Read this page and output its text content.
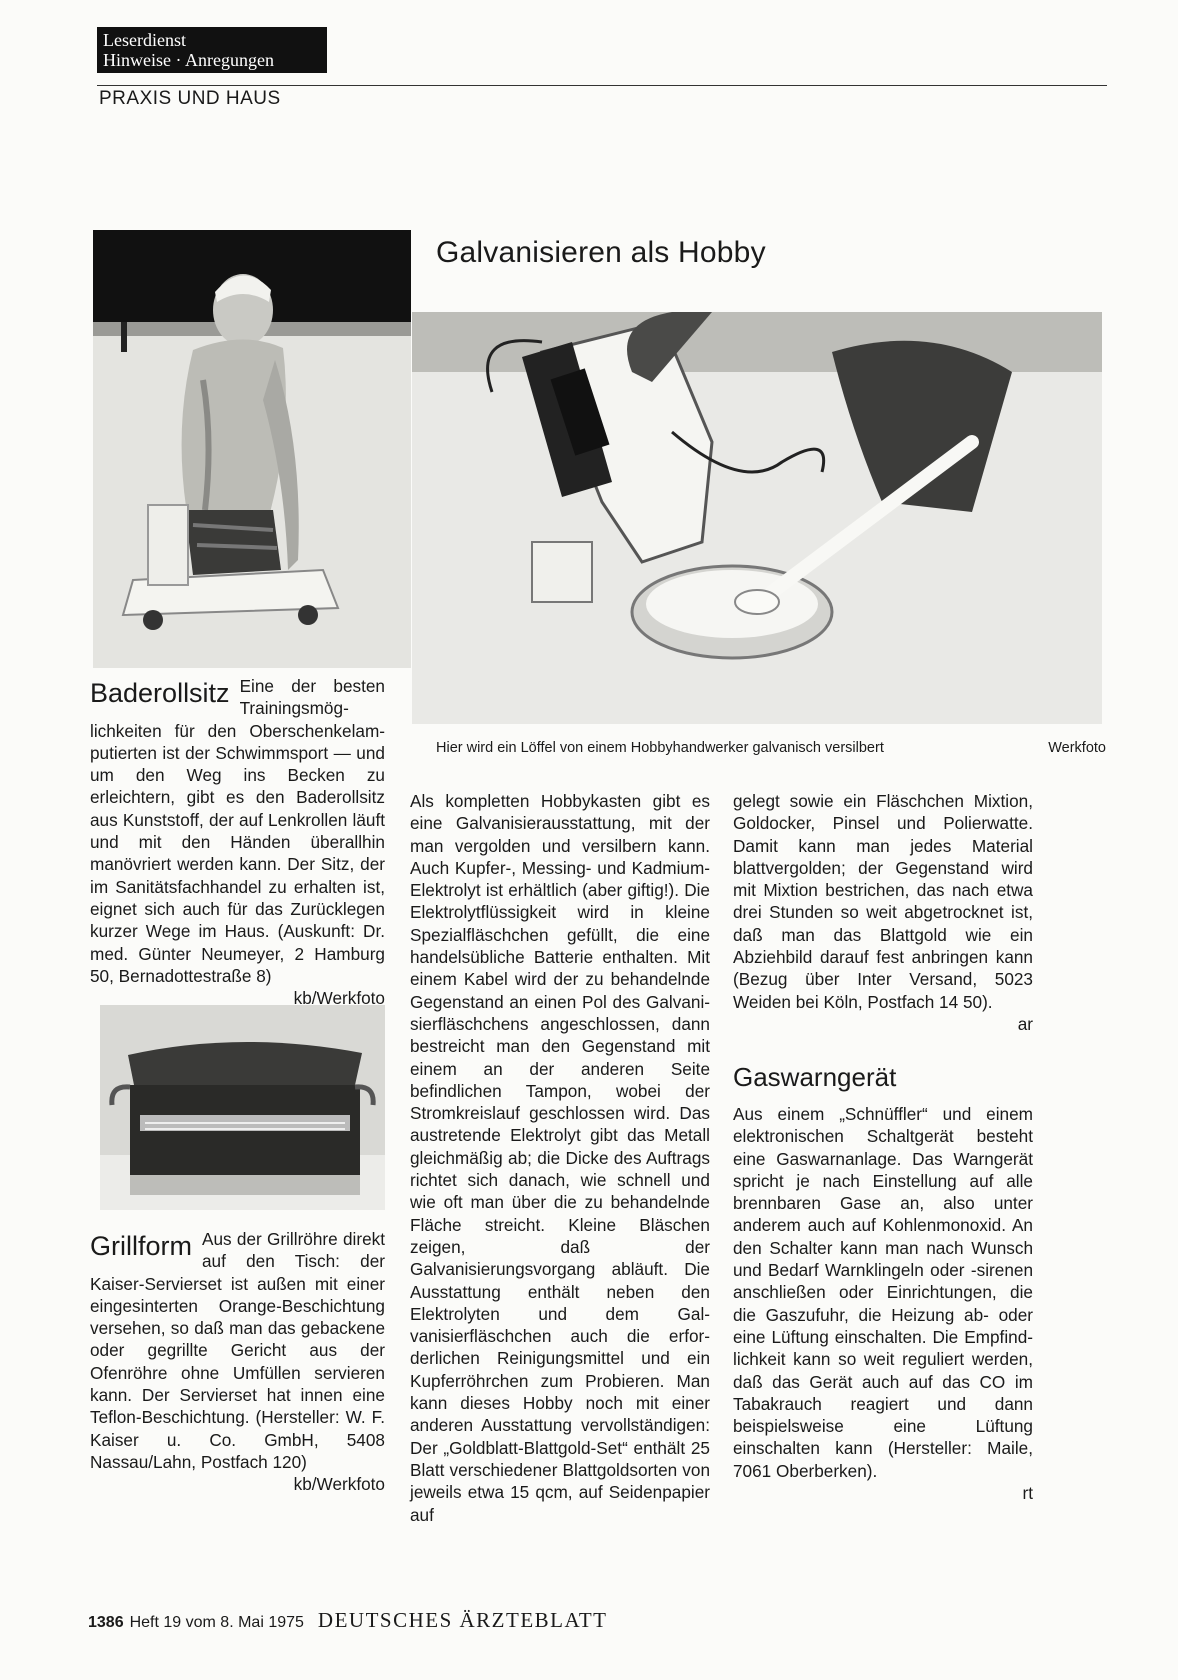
Leserdienst
Hinweise · Anregungen
PRAXIS UND HAUS
Galvanisieren als Hobby
Hier wird ein Löffel von einem Hobbyhandwerker galvanisch versilbert	Werkfoto

Baderollsitz Eine der besten Trainingsmöglichkeiten für den Oberschenkelamputierten ist der Schwimmsport — und um den Weg ins Becken zu erleichtern, gibt es den Baderollsitz aus Kunststoff, der auf Lenkrollen läuft und mit den Händen überallhin manövriert werden kann. Der Sitz, der im Sanitätsfachhandel zu erhalten ist, eignet sich auch für das Zurücklegen kurzer Wege im Haus. (Auskunft: Dr. med. Günter Neumeyer, 2 Hamburg 50, Bernadottestraße 8)
kb/Werkfoto

Grillform Aus der Grillröhre direkt auf den Tisch: der Kaiser-Servierset ist außen mit einer eingesinterten Orange-Beschichtung versehen, so daß man das gebackene oder gegrillte Gericht aus der Ofenröhre ohne Umfüllen servieren kann. Der Servierset hat innen eine Teflon-Beschichtung. (Hersteller: W. F. Kaiser u. Co. GmbH, 5408 Nassau/Lahn, Postfach 120)
kb/Werkfoto

Als kompletten Hobbykasten gibt es eine Galvanisierausstattung, mit der man vergolden und versilbern kann. Auch Kupfer-, Messing- und Kadmium-Elektrolyt ist erhältlich (aber giftig!). Die Elektrolytflüssigkeit wird in kleine Spezialfläschchen gefüllt, die eine handelsübliche Batterie enthalten. Mit einem Kabel wird der zu behandelnde Gegenstand an einen Pol des Galvanisierfläschchens angeschlossen, dann bestreicht man den Gegenstand mit einem an der anderen Seite befindlichen Tampon, wobei der Stromkreislauf geschlossen wird. Das austretende Elektrolyt gibt das Metall gleichmäßig ab; die Dicke des Auftrags richtet sich danach, wie schnell und wie oft man über die zu behandelnde Fläche streicht. Kleine Bläschen zeigen, daß der Galvanisierungsvorgang abläuft. Die Ausstattung enthält neben den Elektrolyten und dem Galvanisierfläschchen auch die erforderlichen Reinigungsmittel und ein Kupferröhrchen zum Probieren. Man kann dieses Hobby noch mit einer anderen Ausstattung vervollständigen: Der „Goldblatt-Blattgold-Set“ enthält 25 Blatt verschiedener Blattgoldsorten von jeweils etwa 15 qcm, auf Seidenpapier auf

gelegt sowie ein Fläschchen Mixtion, Goldocker, Pinsel und Polierwatte. Damit kann man jedes Material blattvergolden; der Gegenstand wird mit Mixtion bestrichen, das nach etwa drei Stunden so weit abgetrocknet ist, daß man das Blattgold wie ein Abziehbild darauf fest anbringen kann (Bezug über Inter Versand, 5023 Weiden bei Köln, Postfach 14 50).
ar

Gaswarngerät

Aus einem „Schnüffler“ und einem elektronischen Schaltgerät besteht eine Gaswarnanlage. Das Warngerät spricht je nach Einstellung auf alle brennbaren Gase an, also unter anderem auch auf Kohlenmonoxid. An den Schalter kann man nach Wunsch und Bedarf Warnklingeln oder -sirenen anschließen oder Einrichtungen, die die Gaszufuhr, die Heizung ab- oder eine Lüftung einschalten. Die Empfindlichkeit kann so weit reguliert werden, daß das Gerät auch auf das CO im Tabakrauch reagiert und dann beispielsweise eine Lüftung einschalten kann (Hersteller: Maile, 7061 Oberberken).
rt

1386 Heft 19 vom 8. Mai 1975 DEUTSCHES ÄRZTEBLATT
